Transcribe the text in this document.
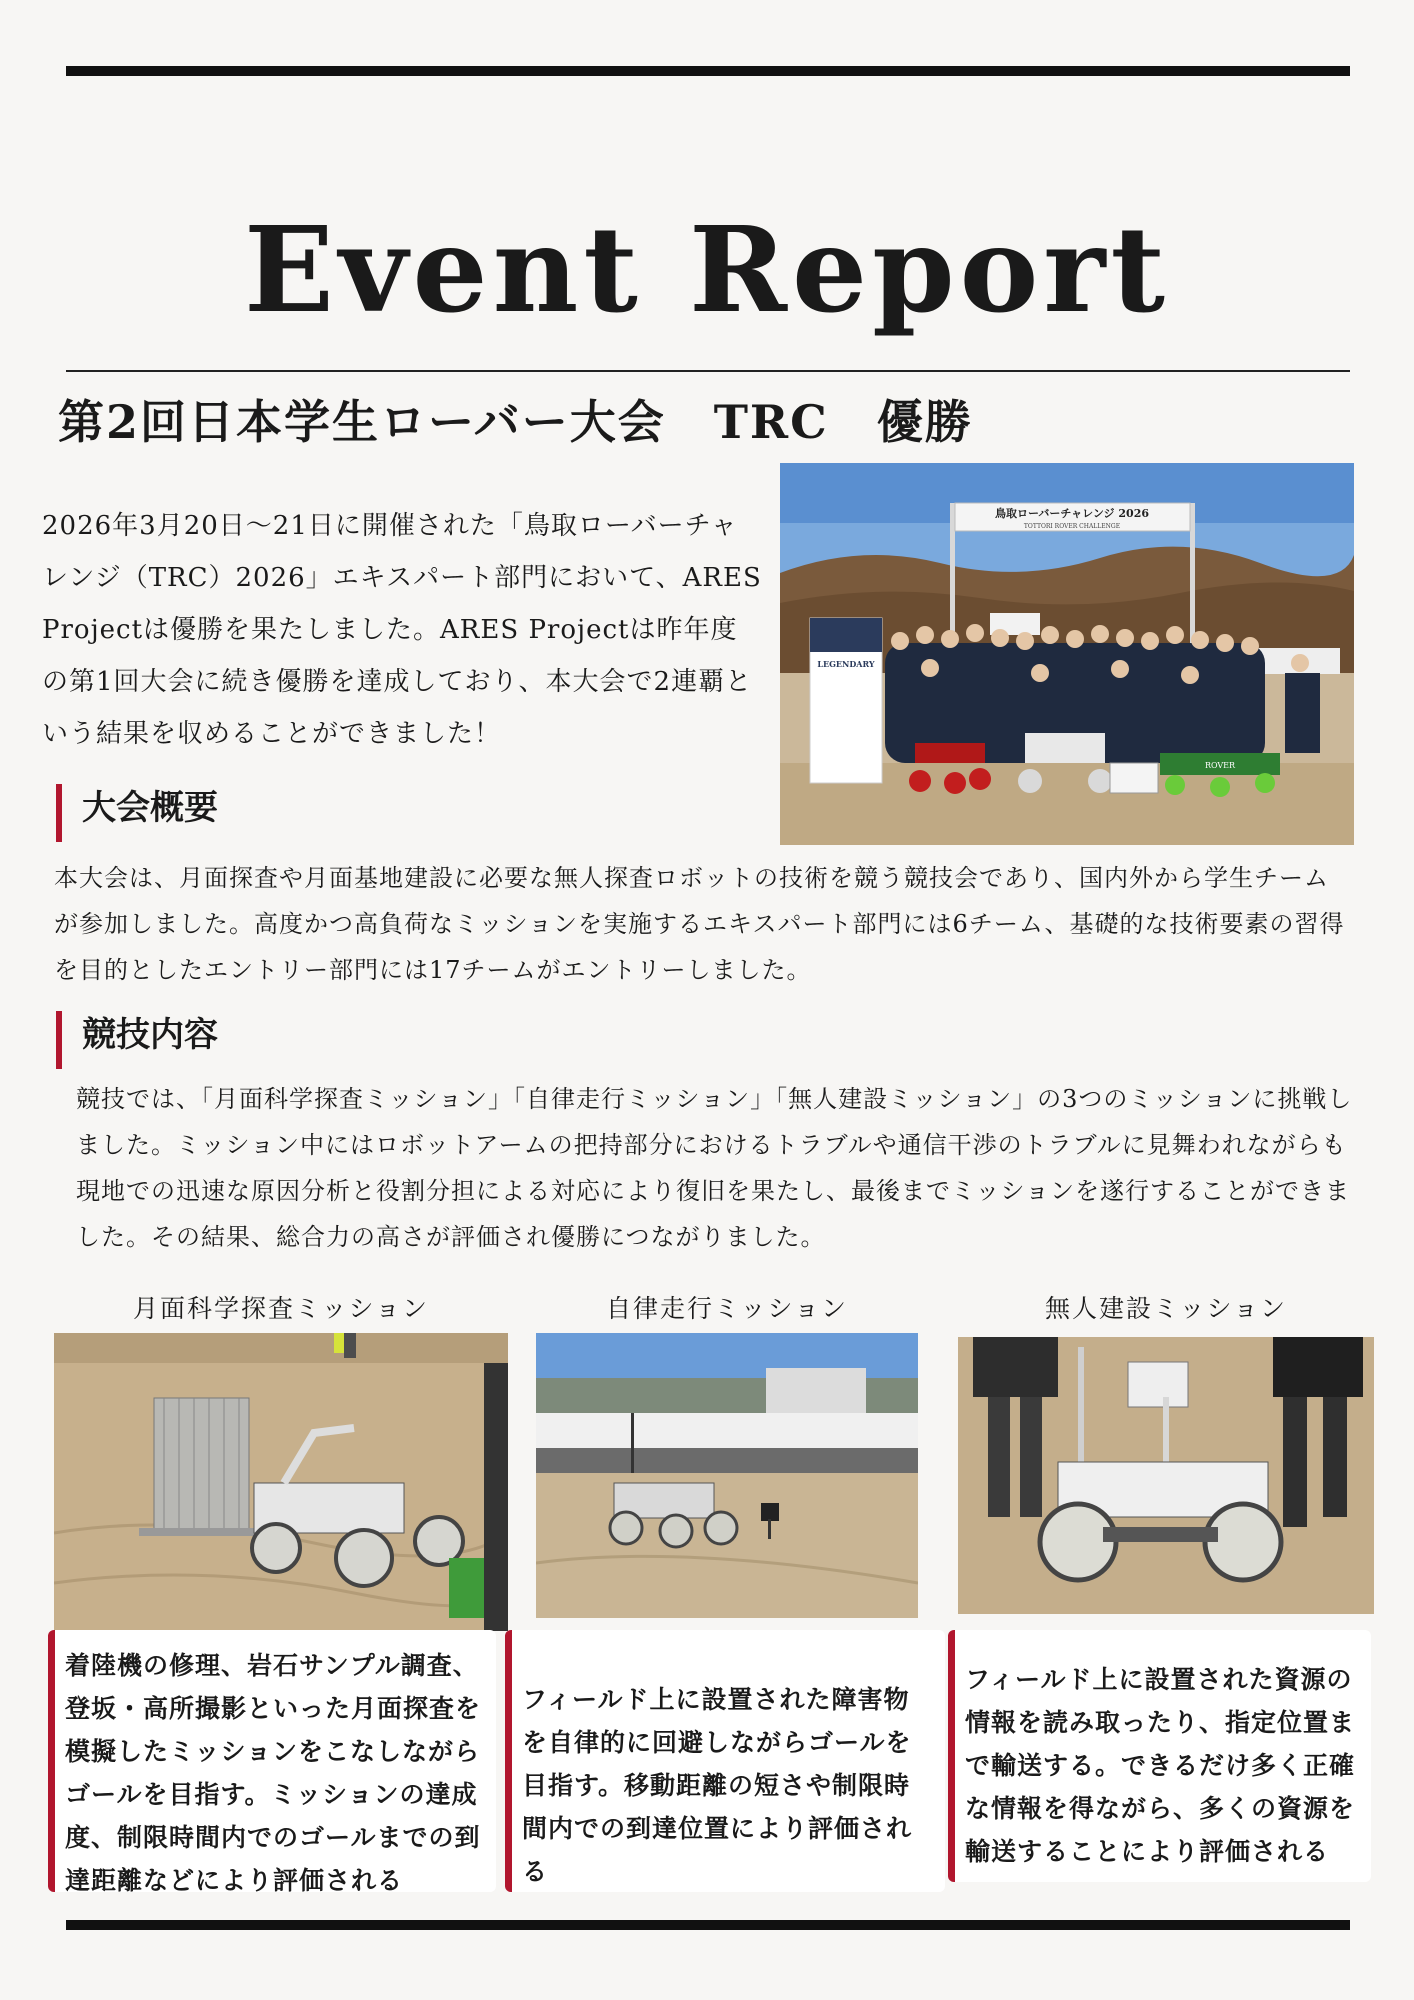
Event Report
第2回日本学生ローバー大会　TRC　優勝
2026年3月20日〜21日に開催された「鳥取ローバーチャレンジ（TRC）2026」エキスパート部門において、ARES Projectは優勝を果たしました。ARES Projectは昨年度の第1回大会に続き優勝を達成しており、本大会で2連覇という結果を収めることができました！
鳥取ローバーチャレンジ 2026
TOTTORI ROVER CHALLENGE
LEGENDARY
ROVER
大会概要
本大会は、月面探査や月面基地建設に必要な無人探査ロボットの技術を競う競技会であり、国内外から学生チームが参加しました。高度かつ高負荷なミッションを実施するエキスパート部門には6チーム、基礎的な技術要素の習得を目的としたエントリー部門には17チームがエントリーしました。
競技内容
競技では、「月面科学探査ミッション」「自律走行ミッション」「無人建設ミッション」の3つのミッションに挑戦しました。ミッション中にはロボットアームの把持部分におけるトラブルや通信干渉のトラブルに見舞われながらも現地での迅速な原因分析と役割分担による対応により復旧を果たし、最後までミッションを遂行することができました。その結果、総合力の高さが評価され優勝につながりました。
月面科学探査ミッション	自律走行ミッション	無人建設ミッション
着陸機の修理、岩石サンプル調査、登坂・高所撮影といった月面探査を模擬したミッションをこなしながらゴールを目指す。ミッションの達成度、制限時間内でのゴールまでの到達距離などにより評価される
フィールド上に設置された障害物を自律的に回避しながらゴールを目指す。移動距離の短さや制限時間内での到達位置により評価される
フィールド上に設置された資源の情報を読み取ったり、指定位置まで輸送する。できるだけ多く正確な情報を得ながら、多くの資源を輸送することにより評価される
